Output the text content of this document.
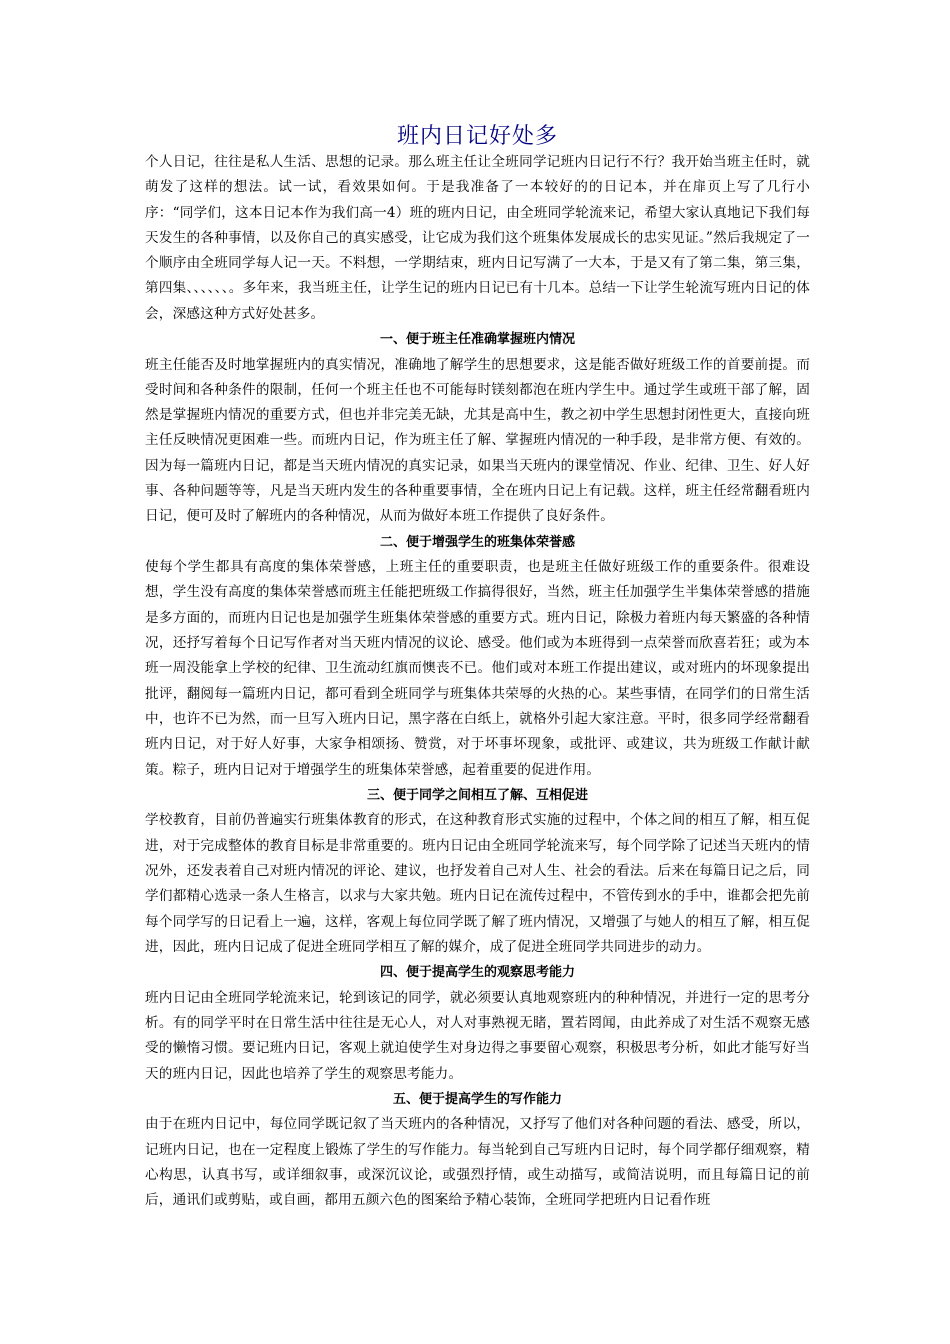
班内日记好处多

个人日记，往往是私人生活、思想的记录。那么班主任让全班同学记班内日记行不行？我开始当班主任时，就萌发了这样的想法。试一试，看效果如何。于是我准备了一本较好的的日记本，并在扉页上写了几行小序：“同学们，这本日记本作为我们高一4）班的班内日记，由全班同学轮流来记，希望大家认真地记下我们每天发生的各种事情，以及你自己的真实感受，让它成为我们这个班集体发展成长的忠实见证。”然后我规定了一个顺序由全班同学每人记一天。不料想，一学期结束，班内日记写满了一大本，于是又有了第二集，第三集，第四集、、、、、、。多年来，我当班主任，让学生记的班内日记已有十几本。总结一下让学生轮流写班内日记的体会，深感这种方式好处甚多。

一、便于班主任准确掌握班内情况

班主任能否及时地掌握班内的真实情况，准确地了解学生的思想要求，这是能否做好班级工作的首要前提。而受时间和各种条件的限制，任何一个班主任也不可能每时镁刻都泡在班内学生中。通过学生或班干部了解，固然是掌握班内情况的重要方式，但也并非完美无缺，尤其是高中生，教之初中学生思想封闭性更大，直接向班主任反映情况更困难一些。而班内日记，作为班主任了解、掌握班内情况的一种手段，是非常方便、有效的。因为每一篇班内日记，都是当天班内情况的真实记录，如果当天班内的课堂情况、作业、纪律、卫生、好人好事、各种问题等等，凡是当天班内发生的各种重要事情，全在班内日记上有记载。这样，班主任经常翻看班内日记，便可及时了解班内的各种情况，从而为做好本班工作提供了良好条件。

二、便于增强学生的班集体荣誉感

使每个学生都具有高度的集体荣誉感，上班主任的重要职责，也是班主任做好班级工作的重要条件。很难设想，学生没有高度的集体荣誉感而班主任能把班级工作搞得很好，当然，班主任加强学生半集体荣誉感的措施是多方面的，而班内日记也是加强学生班集体荣誉感的重要方式。班内日记，除极力着班内每天繁盛的各种情况，还抒写着每个日记写作者对当天班内情况的议论、感受。他们或为本班得到一点荣誉而欣喜若狂；或为本班一周没能拿上学校的纪律、卫生流动红旗而懊丧不已。他们或对本班工作提出建议，或对班内的坏现象提出批评，翻阅每一篇班内日记，都可看到全班同学与班集体共荣辱的火热的心。某些事情，在同学们的日常生活中，也许不已为然，而一旦写入班内日记，黑字落在白纸上，就格外引起大家注意。平时，很多同学经常翻看班内日记，对于好人好事，大家争相颂扬、赞赏，对于坏事坏现象，或批评、或建议，共为班级工作献计献策。粽子，班内日记对于增强学生的班集体荣誉感，起着重要的促进作用。

三、便于同学之间相互了解、互相促进

学校教育，目前仍普遍实行班集体教育的形式，在这种教育形式实施的过程中，个体之间的相互了解，相互促进，对于完成整体的教育目标是非常重要的。班内日记由全班同学轮流来写，每个同学除了记述当天班内的情况外，还发表着自己对班内情况的评论、建议，也抒发着自己对人生、社会的看法。后来在每篇日记之后，同学们都精心选录一条人生格言，以求与大家共勉。班内日记在流传过程中，不管传到水的手中，谁都会把先前每个同学写的日记看上一遍，这样，客观上每位同学既了解了班内情况，又增强了与她人的相互了解，相互促进，因此，班内日记成了促进全班同学相互了解的媒介，成了促进全班同学共同进步的动力。

四、便于提高学生的观察思考能力

班内日记由全班同学轮流来记，轮到该记的同学，就必须要认真地观察班内的种种情况，并进行一定的思考分析。有的同学平时在日常生活中往往是无心人，对人对事熟视无睹，置若罔闻，由此养成了对生活不观察无感受的懒惰习惯。要记班内日记，客观上就迫使学生对身边得之事要留心观察，积极思考分析，如此才能写好当天的班内日记，因此也培养了学生的观察思考能力。

五、便于提高学生的写作能力

由于在班内日记中，每位同学既记叙了当天班内的各种情况，又抒写了他们对各种问题的看法、感受，所以，记班内日记，也在一定程度上锻炼了学生的写作能力。每当轮到自己写班内日记时，每个同学都仔细观察，精心构思，认真书写，或详细叙事，或深沉议论，或强烈抒情，或生动描写，或简洁说明，而且每篇日记的前后，通讯们或剪贴，或自画，都用五颜六色的图案给予精心装饰，全班同学把班内日记看作班
